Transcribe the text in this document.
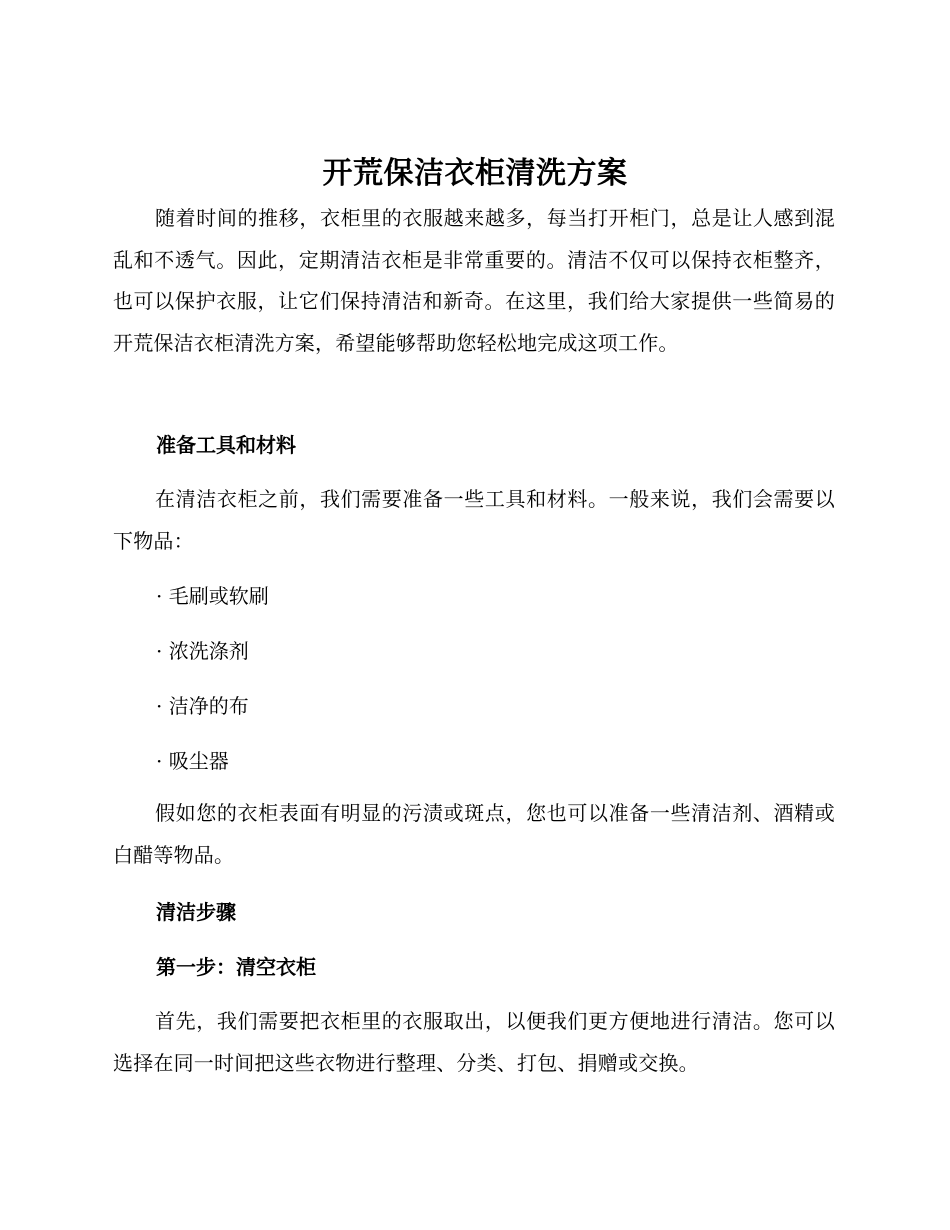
开荒保洁衣柜清洗方案
随着时间的推移，衣柜里的衣服越来越多，每当打开柜门，总是让人感到混乱和不透气。因此，定期清洁衣柜是非常重要的。清洁不仅可以保持衣柜整齐，也可以保护衣服，让它们保持清洁和新奇。在这里，我们给大家提供一些简易的开荒保洁衣柜清洗方案，希望能够帮助您轻松地完成这项工作。
准备工具和材料
在清洁衣柜之前，我们需要准备一些工具和材料。一般来说，我们会需要以下物品：
· 毛刷或软刷
· 浓洗涤剂
· 洁净的布
· 吸尘器
假如您的衣柜表面有明显的污渍或斑点，您也可以准备一些清洁剂、酒精或白醋等物品。
清洁步骤
第一步：清空衣柜
首先，我们需要把衣柜里的衣服取出，以便我们更方便地进行清洁。您可以选择在同一时间把这些衣物进行整理、分类、打包、捐赠或交换。
